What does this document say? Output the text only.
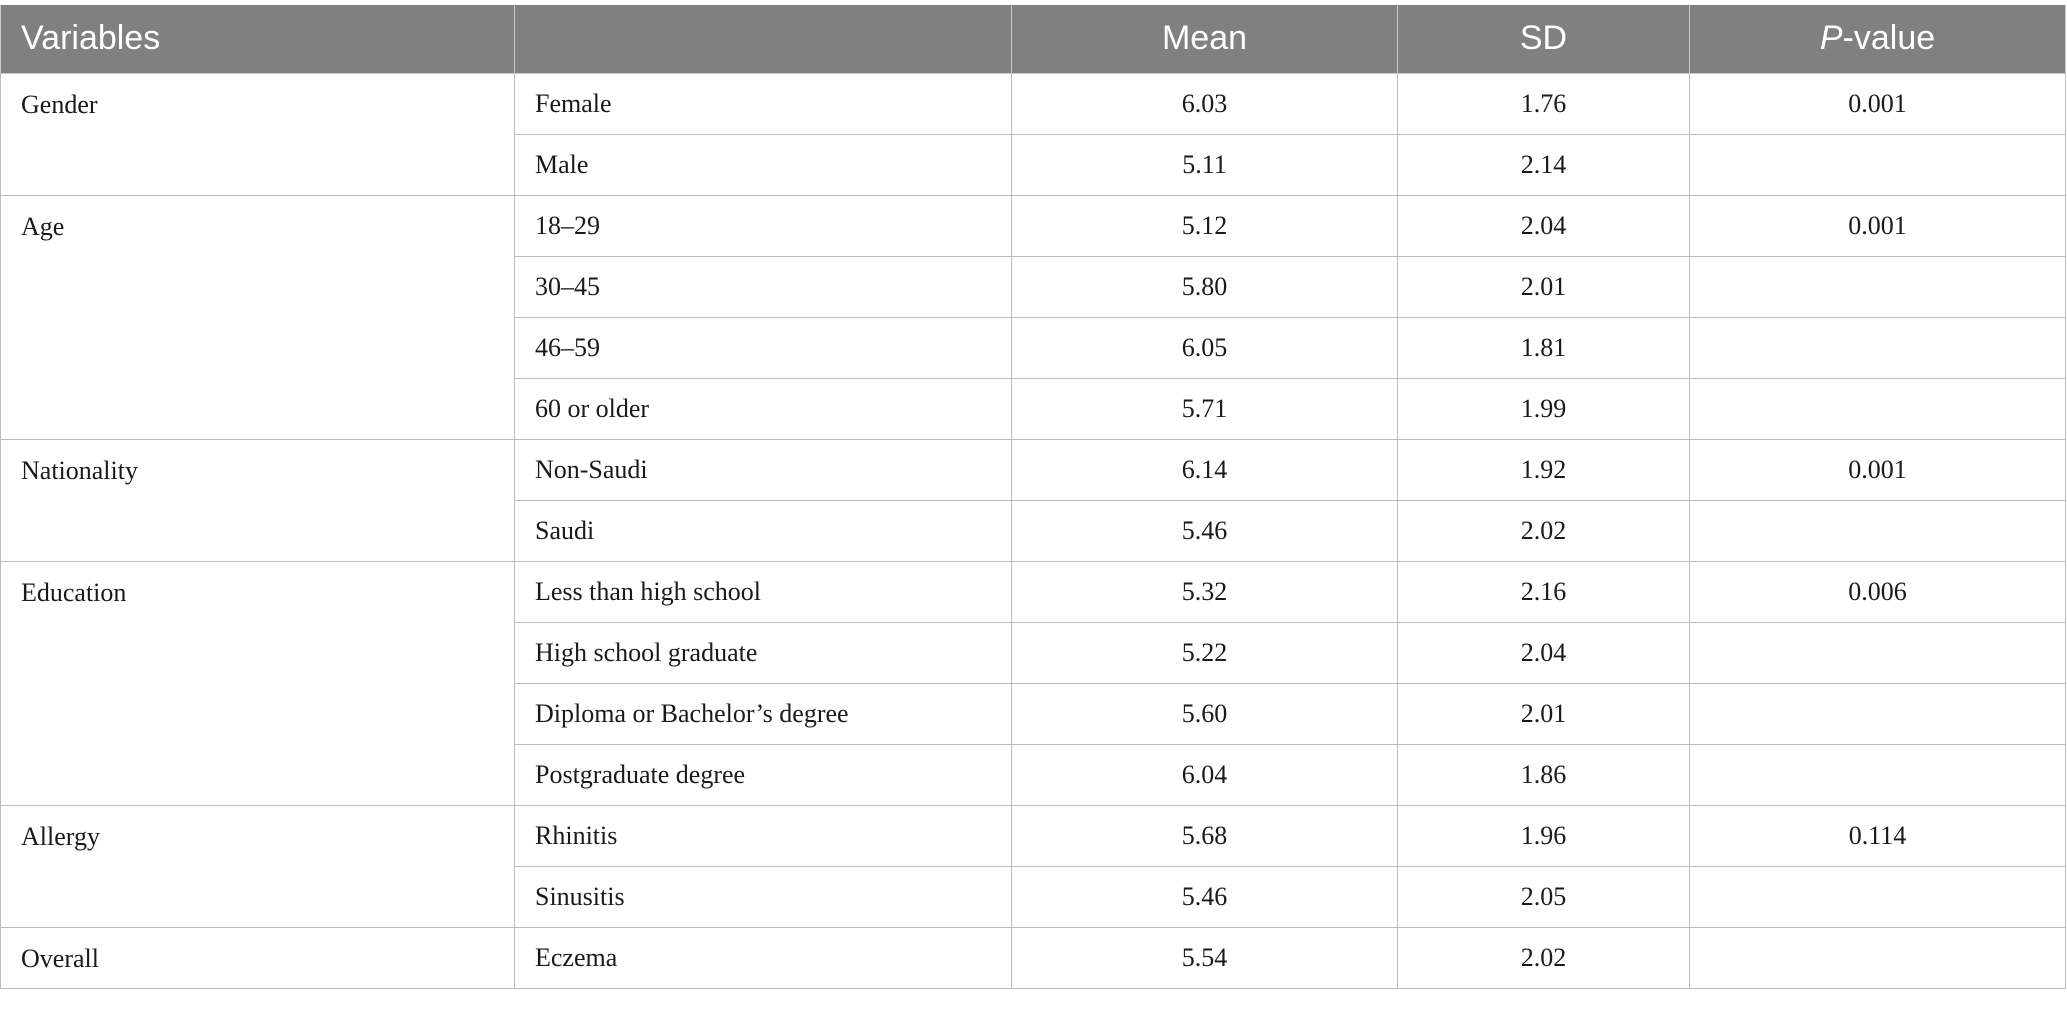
Variables		Mean	SD	P-value
Gender	Female	6.03	1.76	0.001
	Male	5.11	2.14	
Age	18–29	5.12	2.04	0.001
	30–45	5.80	2.01	
	46–59	6.05	1.81	
	60 or older	5.71	1.99	
Nationality	Non-Saudi	6.14	1.92	0.001
	Saudi	5.46	2.02	
Education	Less than high school	5.32	2.16	0.006
	High school graduate	5.22	2.04	
	Diploma or Bachelor’s degree	5.60	2.01	
	Postgraduate degree	6.04	1.86	
Allergy	Rhinitis	5.68	1.96	0.114
	Sinusitis	5.46	2.05	
Overall	Eczema	5.54	2.02	
